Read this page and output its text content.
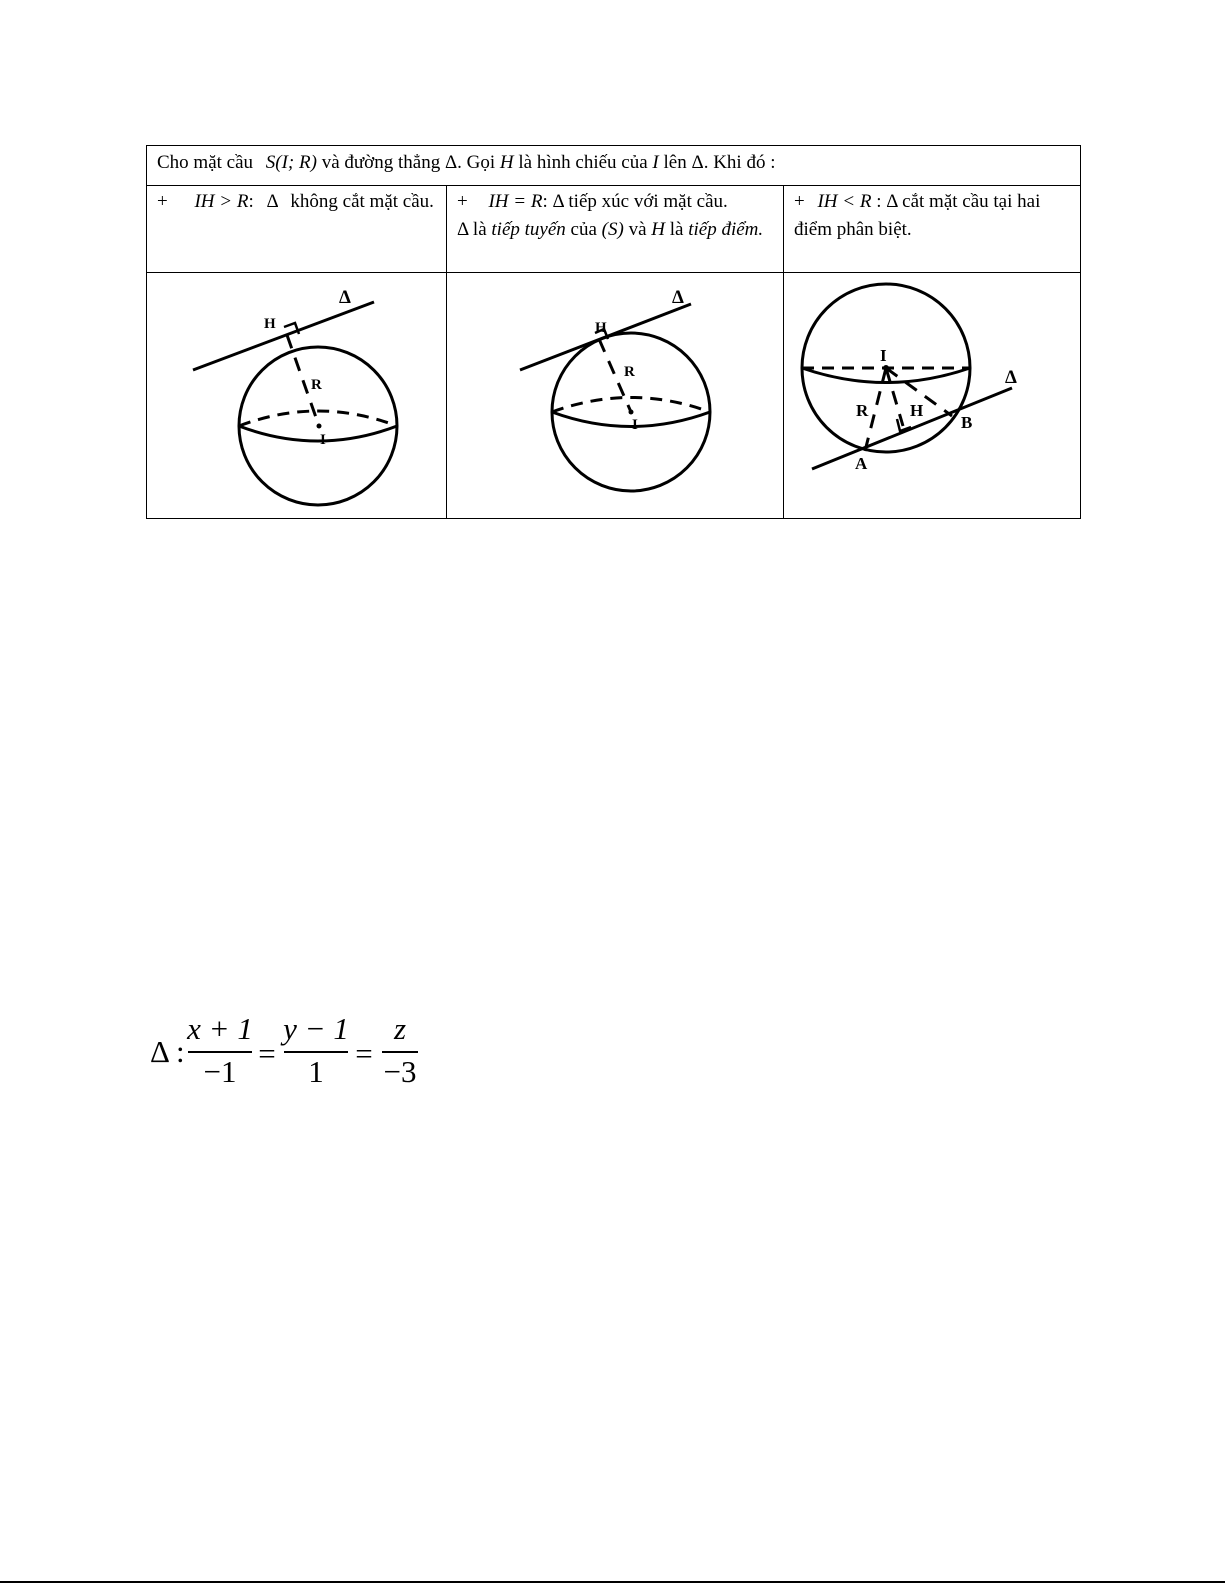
Cho mặt cầu S(I; R) và đường thẳng Δ. Gọi H là hình chiếu của I lên Δ. Khi đó :
+ IH > R: Δ không cắt mặt cầu.	+ IH = R: Δ tiếp xúc với mặt cầu.
Δ là tiếp tuyến của (S) và H là tiếp điểm.
+ IH < R : Δ cắt mặt cầu tại hai điểm phân biệt.
Δ
H
R
I
Δ
H
R
I
Δ
I
R H
A
B
Δ :
x + 1
−1
=
y − 1
1
=
z
−3
